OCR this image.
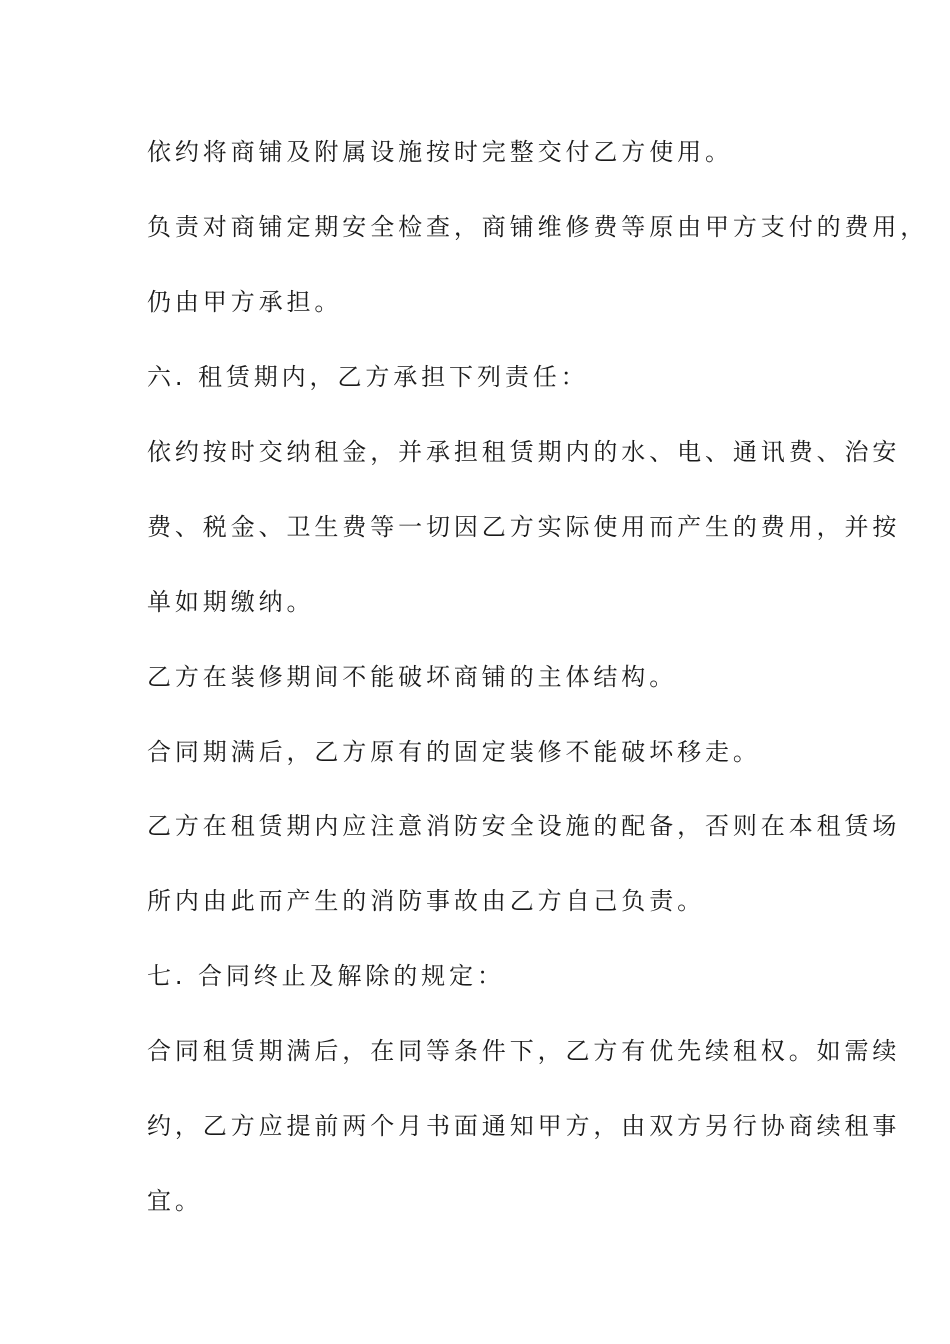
依约将商铺及附属设施按时完整交付乙方使用。
负责对商铺定期安全检查，商铺维修费等原由甲方支付的费用，
仍由甲方承担。
六. 租赁期内，乙方承担下列责任：
依约按时交纳租金，并承担租赁期内的水、电、通讯费、治安
费、税金、卫生费等一切因乙方实际使用而产生的费用，并按
单如期缴纳。
乙方在装修期间不能破坏商铺的主体结构。
合同期满后，乙方原有的固定装修不能破坏移走。
乙方在租赁期内应注意消防安全设施的配备，否则在本租赁场
所内由此而产生的消防事故由乙方自己负责。
七. 合同终止及解除的规定：
合同租赁期满后，在同等条件下，乙方有优先续租权。如需续
约，乙方应提前两个月书面通知甲方，由双方另行协商续租事
宜。
